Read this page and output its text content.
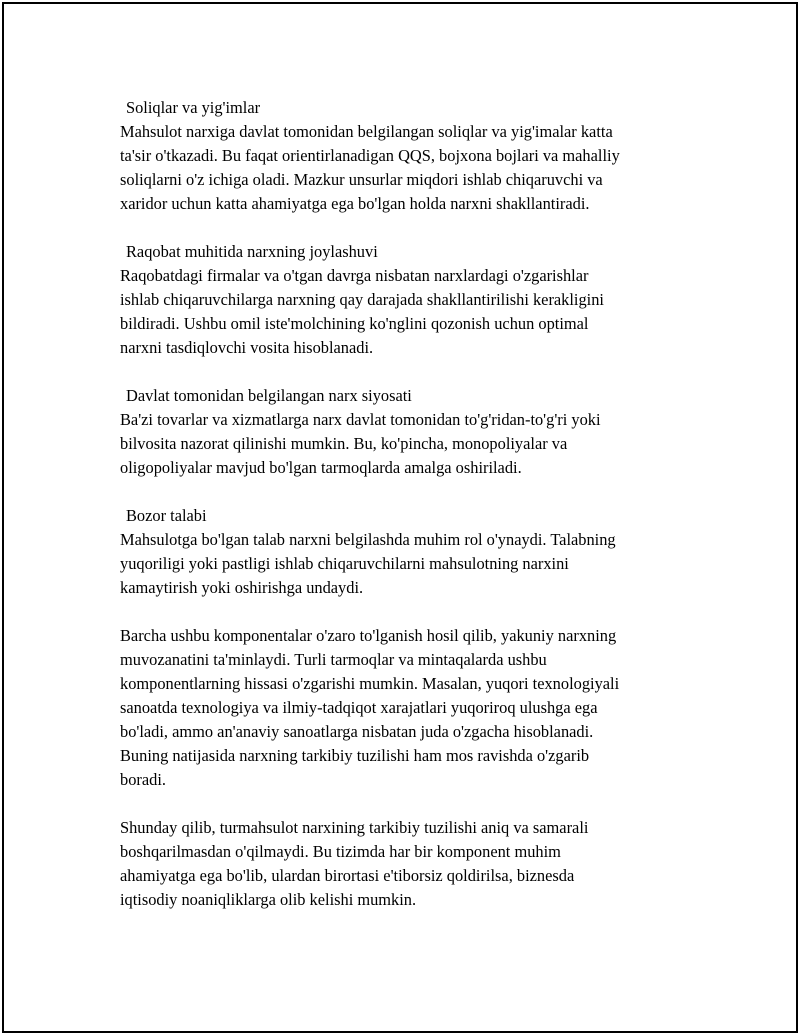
Soliqlar va yig'imlar
Mahsulot narxiga davlat tomonidan belgilangan soliqlar va yig'imalar katta
ta'sir o'tkazadi. Bu faqat orientirlanadigan QQS, bojxona bojlari va mahalliy
soliqlarni o'z ichiga oladi. Mazkur unsurlar miqdori ishlab chiqaruvchi va
xaridor uchun katta ahamiyatga ega bo'lgan holda narxni shakllantiradi.
Raqobat muhitida narxning joylashuvi
Raqobatdagi firmalar va o'tgan davrga nisbatan narxlardagi o'zgarishlar
ishlab chiqaruvchilarga narxning qay darajada shakllantirilishi kerakligini
bildiradi. Ushbu omil iste'molchining ko'nglini qozonish uchun optimal
narxni tasdiqlovchi vosita hisoblanadi.
Davlat tomonidan belgilangan narx siyosati
Ba'zi tovarlar va xizmatlarga narx davlat tomonidan to'g'ridan-to'g'ri yoki
bilvosita nazorat qilinishi mumkin. Bu, ko'pincha, monopoliyalar va
oligopoliyalar mavjud bo'lgan tarmoqlarda amalga oshiriladi.
Bozor talabi
Mahsulotga bo'lgan talab narxni belgilashda muhim rol o'ynaydi. Talabning
yuqoriligi yoki pastligi ishlab chiqaruvchilarni mahsulotning narxini
kamaytirish yoki oshirishga undaydi.
Barcha ushbu komponentalar o'zaro to'lganish hosil qilib, yakuniy narxning
muvozanatini ta'minlaydi. Turli tarmoqlar va mintaqalarda ushbu
komponentlarning hissasi o'zgarishi mumkin. Masalan, yuqori texnologiyali
sanoatda texnologiya va ilmiy-tadqiqot xarajatlari yuqoriroq ulushga ega
bo'ladi, ammo an'anaviy sanoatlarga nisbatan juda o'zgacha hisoblanadi.
Buning natijasida narxning tarkibiy tuzilishi ham mos ravishda o'zgarib
boradi.
Shunday qilib, turmahsulot narxining tarkibiy tuzilishi aniq va samarali
boshqarilmasdan o'qilmaydi. Bu tizimda har bir komponent muhim
ahamiyatga ega bo'lib, ulardan birortasi e'tiborsiz qoldirilsa, biznesda
iqtisodiy noaniqliklarga olib kelishi mumkin.
